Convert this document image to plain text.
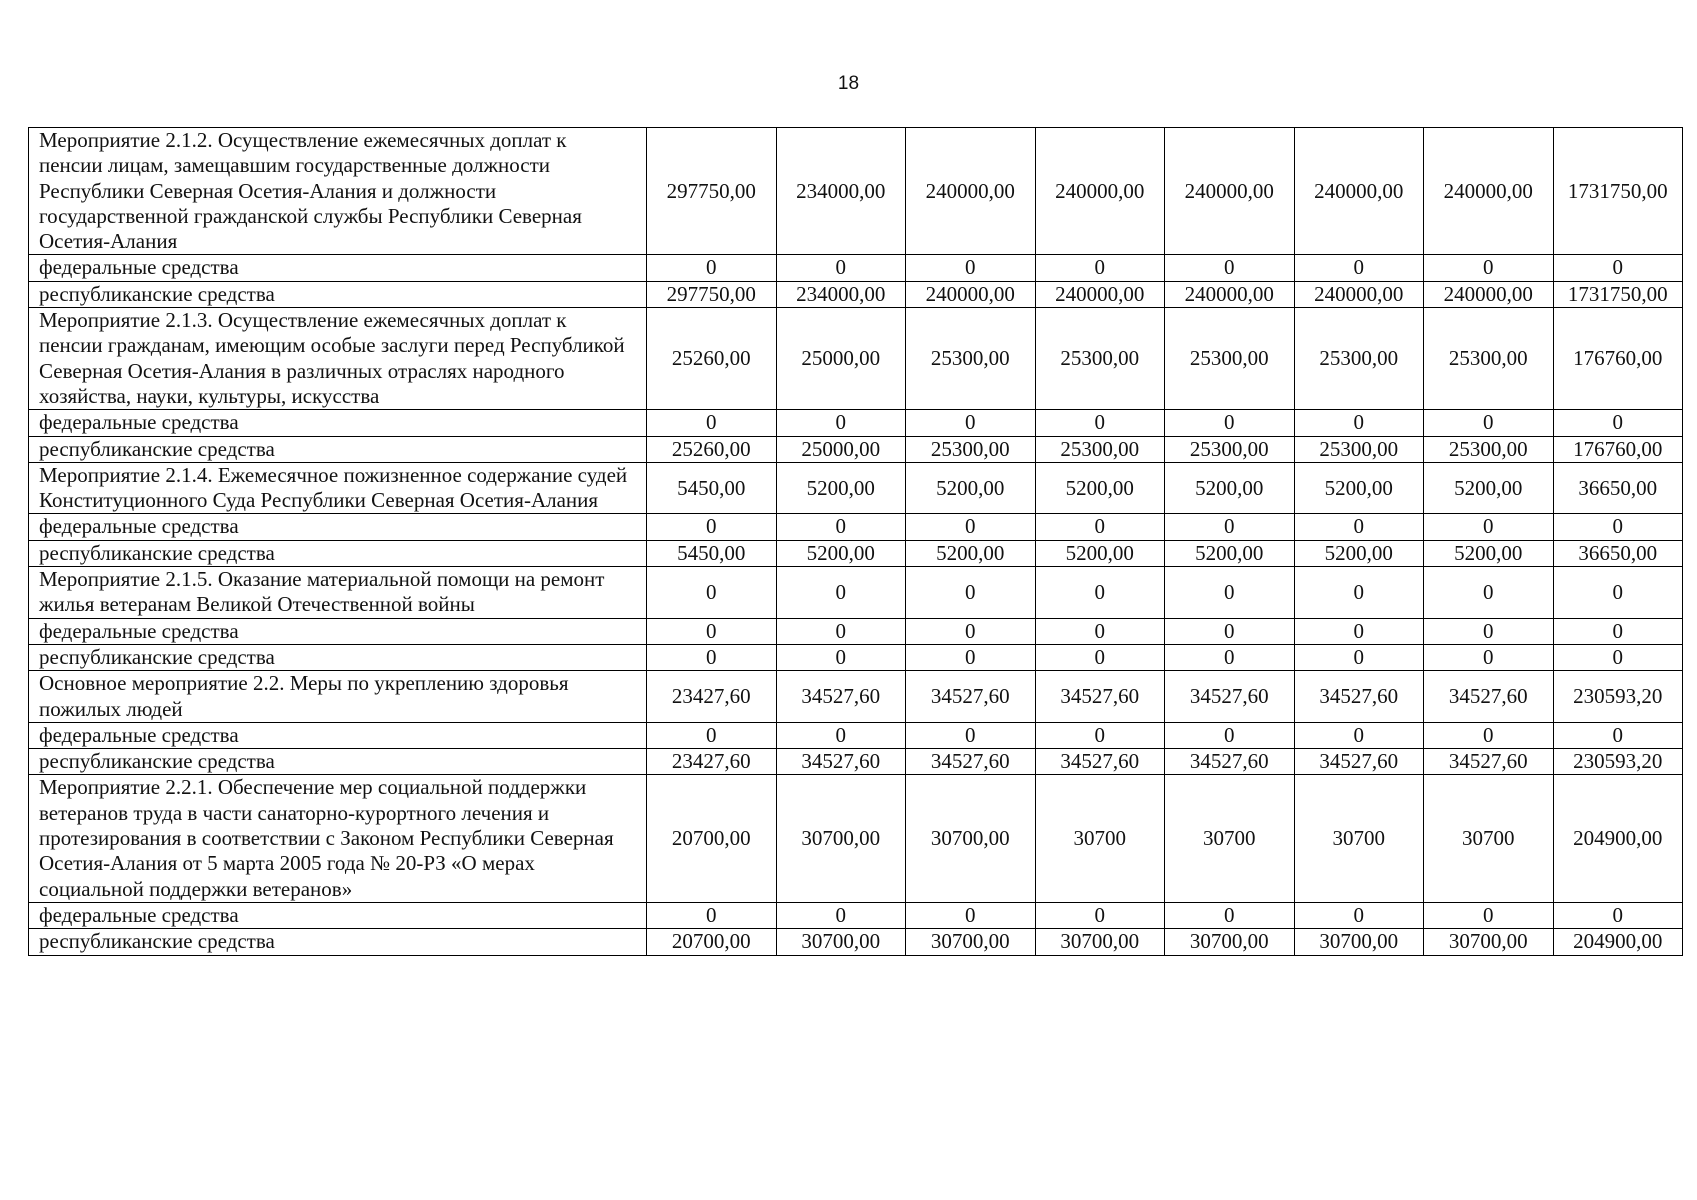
18
Мероприятие 2.1.2. Осуществление ежемесячных доплат к пенсии лицам, замещавшим государственные должности Республики Северная Осетия-Алания и должности государственной гражданской службы Республики Северная Осетия-Алания	297750,00	234000,00	240000,00	240000,00	240000,00	240000,00	240000,00	1731750,00
федеральные средства	0	0	0	0	0	0	0	0
республиканские средства	297750,00	234000,00	240000,00	240000,00	240000,00	240000,00	240000,00	1731750,00
Мероприятие 2.1.3. Осуществление ежемесячных доплат к пенсии гражданам, имеющим особые заслуги перед Республикой Северная Осетия-Алания в различных отраслях народного хозяйства, науки, культуры, искусства	25260,00	25000,00	25300,00	25300,00	25300,00	25300,00	25300,00	176760,00
федеральные средства	0	0	0	0	0	0	0	0
республиканские средства	25260,00	25000,00	25300,00	25300,00	25300,00	25300,00	25300,00	176760,00
Мероприятие 2.1.4. Ежемесячное пожизненное содержание судей Конституционного Суда Республики Северная Осетия-Алания	5450,00	5200,00	5200,00	5200,00	5200,00	5200,00	5200,00	36650,00
федеральные средства	0	0	0	0	0	0	0	0
республиканские средства	5450,00	5200,00	5200,00	5200,00	5200,00	5200,00	5200,00	36650,00
Мероприятие 2.1.5. Оказание материальной помощи на ремонт жилья ветеранам Великой Отечественной войны	0	0	0	0	0	0	0	0
федеральные средства	0	0	0	0	0	0	0	0
республиканские средства	0	0	0	0	0	0	0	0
Основное мероприятие 2.2. Меры по укреплению здоровья пожилых людей	23427,60	34527,60	34527,60	34527,60	34527,60	34527,60	34527,60	230593,20
федеральные средства	0	0	0	0	0	0	0	0
республиканские средства	23427,60	34527,60	34527,60	34527,60	34527,60	34527,60	34527,60	230593,20
Мероприятие 2.2.1. Обеспечение мер социальной поддержки ветеранов труда в части санаторно-курортного лечения и протезирования в соответствии с Законом Республики Северная Осетия-Алания от 5 марта 2005 года № 20-РЗ «О мерах социальной поддержки ветеранов»	20700,00	30700,00	30700,00	30700	30700	30700	30700	204900,00
федеральные средства	0	0	0	0	0	0	0	0
республиканские средства	20700,00	30700,00	30700,00	30700,00	30700,00	30700,00	30700,00	204900,00
